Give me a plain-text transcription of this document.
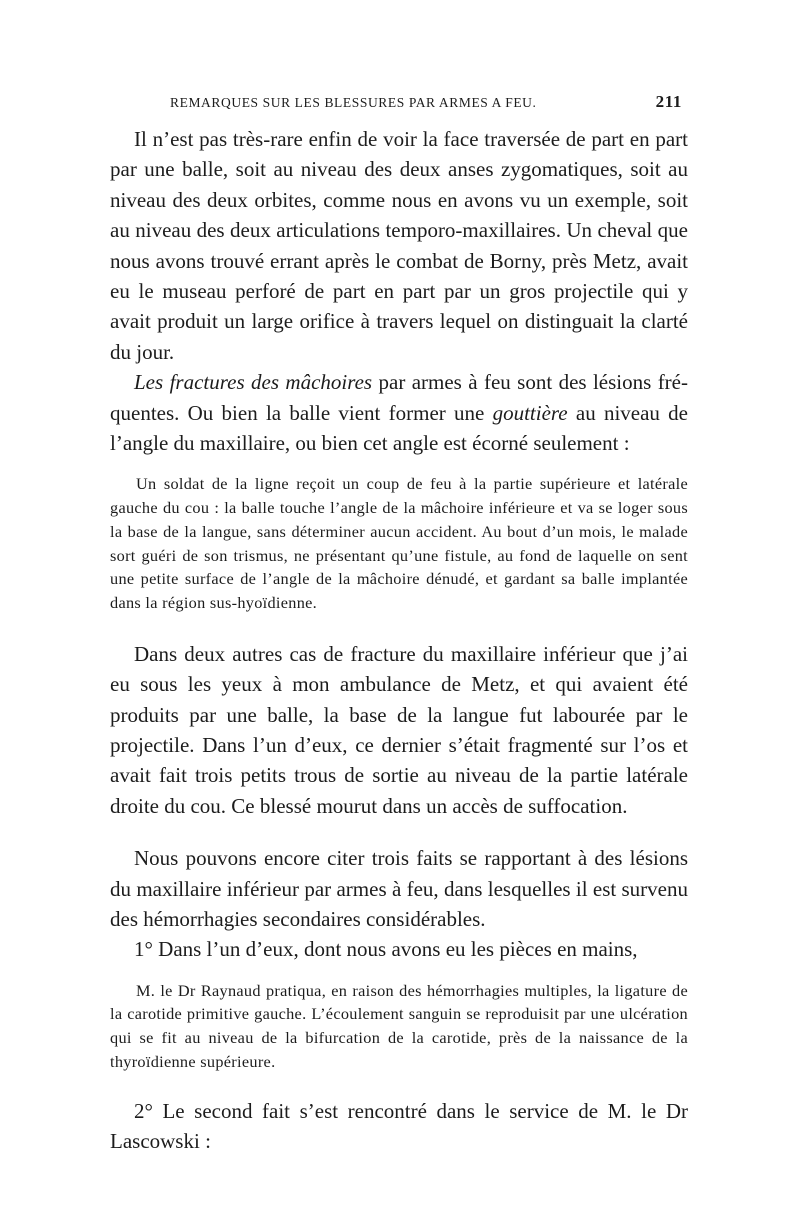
REMARQUES SUR LES BLESSURES PAR ARMES A FEU.	211

Il n’est pas très-rare enfin de voir la face traversée de part en part par une balle, soit au niveau des deux anses zygomatiques, soit au niveau des deux orbites, comme nous en avons vu un exemple, soit au niveau des deux articulations temporo-maxillaires. Un cheval que nous avons trouvé errant après le combat de Borny, près Metz, avait eu le museau perforé de part en part par un gros projectile qui y avait produit un large orifice à travers lequel on distinguait la clarté du jour.

Les fractures des mâchoires par armes à feu sont des lésions fréquentes. Ou bien la balle vient former une gouttière au niveau de l’angle du maxillaire, ou bien cet angle est écorné seulement :

Un soldat de la ligne reçoit un coup de feu à la partie supérieure et latérale gauche du cou : la balle touche l’angle de la mâchoire inférieure et va se loger sous la base de la langue, sans déterminer aucun accident. Au bout d’un mois, le malade sort guéri de son trismus, ne présentant qu’une fistule, au fond de laquelle on sent une petite surface de l’angle de la mâchoire dénudé, et gardant sa balle implantée dans la région sus-hyoïdienne.

Dans deux autres cas de fracture du maxillaire inférieur que j’ai eu sous les yeux à mon ambulance de Metz, et qui avaient été produits par une balle, la base de la langue fut labourée par le projectile. Dans l’un d’eux, ce dernier s’était fragmenté sur l’os et avait fait trois petits trous de sortie au niveau de la partie latérale droite du cou. Ce blessé mourut dans un accès de suffocation.

Nous pouvons encore citer trois faits se rapportant à des lésions du maxillaire inférieur par armes à feu, dans lesquelles il est survenu des hémorrhagies secondaires considérables.

1° Dans l’un d’eux, dont nous avons eu les pièces en mains,

M. le Dr Raynaud pratiqua, en raison des hémorrhagies multiples, la ligature de la carotide primitive gauche. L’écoulement sanguin se reproduisit par une ulcération qui se fit au niveau de la bifurcation de la carotide, près de la naissance de la thyroïdienne supérieure.

2° Le second fait s’est rencontré dans le service de M. le Dr Lascowski :
